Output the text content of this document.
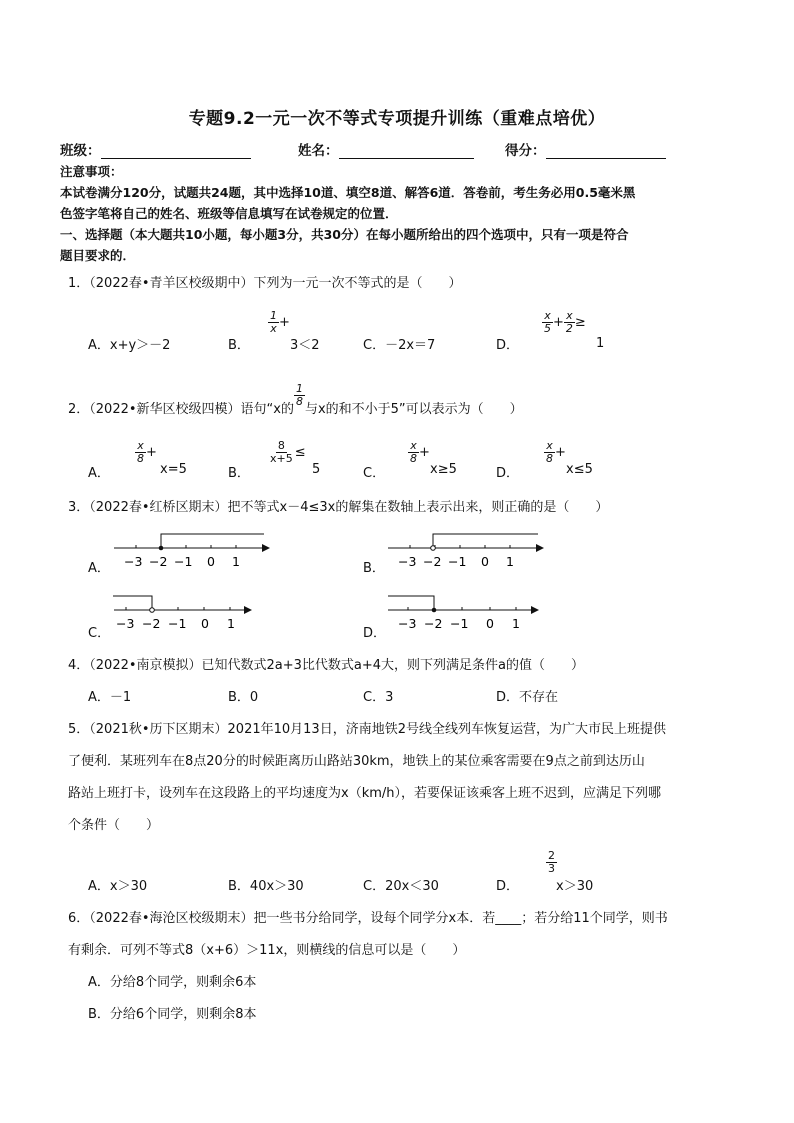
专题9.2一元一次不等式专项提升训练（重难点培优）
班级：	姓名：	得分：
注意事项：
本试卷满分120分，试题共24题，其中选择10道、填空8道、解答6道．答卷前，考生务必用0.5毫米黑
色签字笔将自己的姓名、班级等信息填写在试卷规定的位置．
一、选择题（本大题共10小题，每小题3分，共30分）在每小题所给出的四个选项中，只有一项是符合
题目要求的．
1．（2022春•青羊区校级期中）下列为一元一次不等式的是（　　）
A．x+y＞－2	B．
$\frac{1}{x}$ +
3＜2	C．－2x＝7	D．
$\frac{x}{5} + \frac{x}{2}$ ≥
1
2．（2022•新华区校级四模）语句“x的
$\frac{1}{8}$
与x的和不小于5”可以表示为（　　）
A．
$\frac{x}{8}$ +
x=5	B．
$\frac{8}{x+5}$ ≤
5	C．
$\frac{x}{8}$ +
x≥5	D．
$\frac{x}{8}$ +
x≤5
3．（2022春•红桥区期末）把不等式x－4≤3x的解集在数轴上表示出来，则正确的是（　　）
A． −3 −2 −1 0 1	B． −3 −2 −1 0 1
C．
−3 −2 −1 0 1
D．
−3 −2 −1 0 1
4．（2022•南京模拟）已知代数式2a+3比代数式a+4大，则下列满足条件a的值（　　）
A．－1	B．0	C．3	D．不存在
5．（2021秋•历下区期末）2021年10月13日，济南地铁2号线全线列车恢复运营，为广大市民上班提供
了便利．某班列车在8点20分的时候距离历山路站30km，地铁上的某位乘客需要在9点之前到达历山
路站上班打卡，设列车在这段路上的平均速度为x（km/h），若要保证该乘客上班不迟到，应满足下列哪
个条件（　　）
A．x＞30	B．40x＞30	C．20x＜30	D．
$\frac{2}{3}$
x＞30
6．（2022春•海沧区校级期末）把一些书分给同学，设每个同学分x本．若____；若分给11个同学，则书
有剩余．可列不等式8（x+6）＞11x，则横线的信息可以是（　　）
A．分给8个同学，则剩余6本
B．分给6个同学，则剩余8本
